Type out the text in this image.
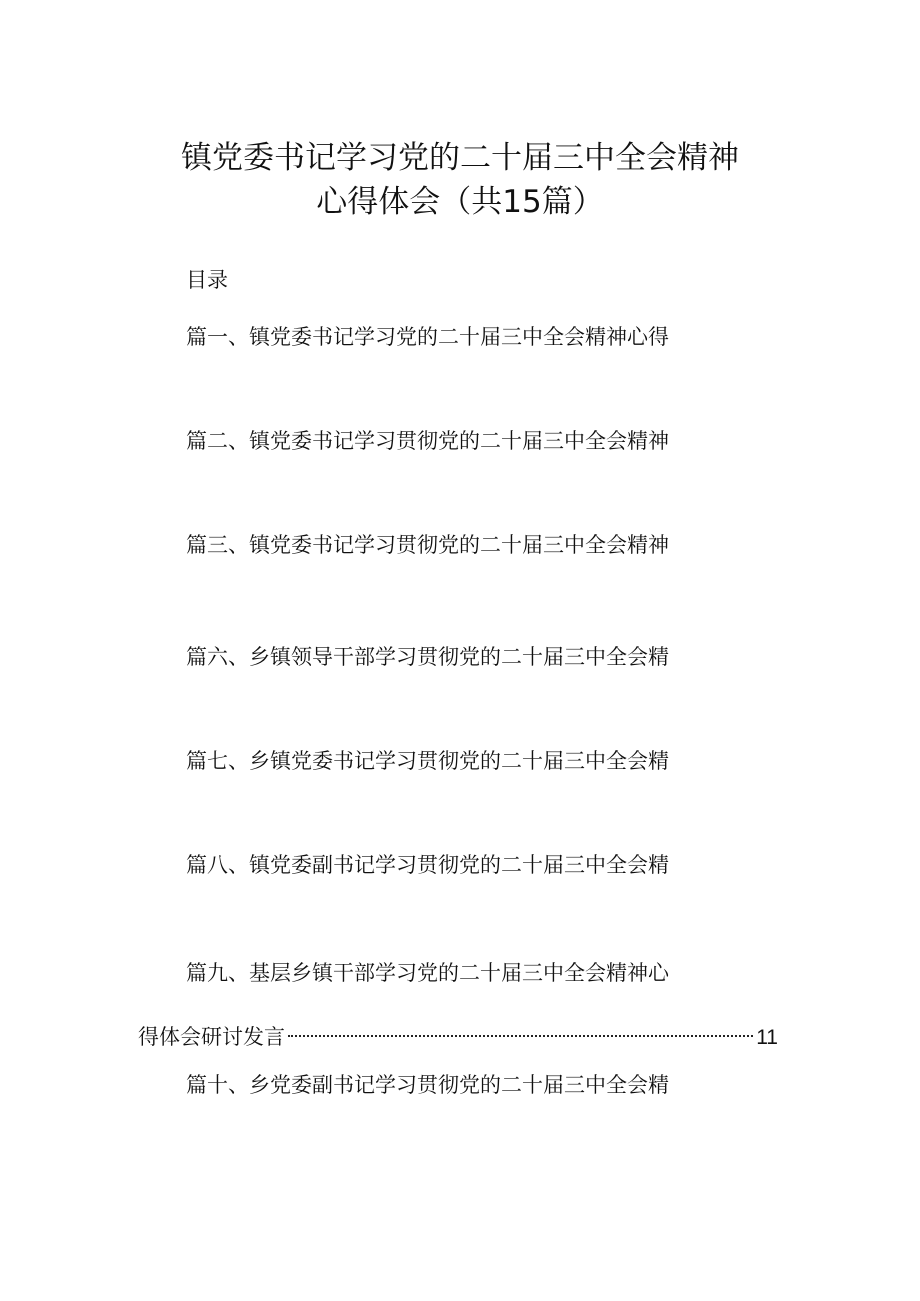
镇党委书记学习党的二十届三中全会精神
心得体会（共15篇）
目录
篇一、镇党委书记学习党的二十届三中全会精神心得
篇二、镇党委书记学习贯彻党的二十届三中全会精神
篇三、镇党委书记学习贯彻党的二十届三中全会精神
篇六、乡镇领导干部学习贯彻党的二十届三中全会精
篇七、乡镇党委书记学习贯彻党的二十届三中全会精
篇八、镇党委副书记学习贯彻党的二十届三中全会精
篇九、基层乡镇干部学习党的二十届三中全会精神心
得体会研讨发言	11
篇十、乡党委副书记学习贯彻党的二十届三中全会精
